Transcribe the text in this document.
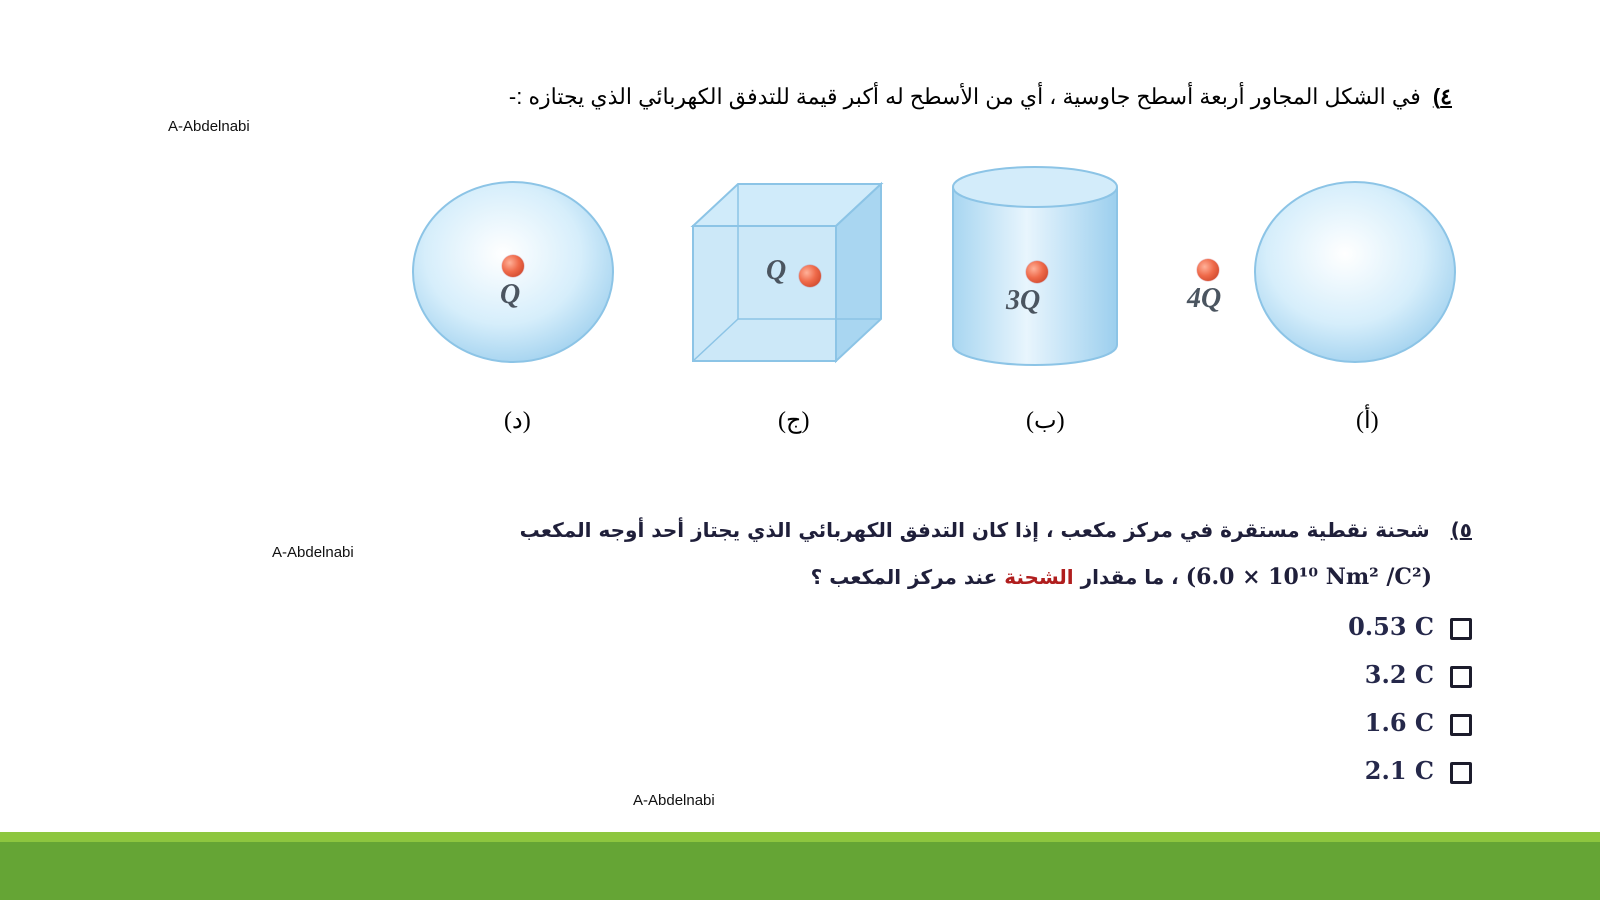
A-Abdelnabi
A-Abdelnabi
A-Abdelnabi
٤) في الشكل المجاور أربعة أسطح جاوسية ، أي من الأسطح له أكبر قيمة للتدفق الكهربائي الذي يجتازه :-
4Q
3Q
Q
Q
(أ)
(ب)
(ج)
(د)
٥) شحنة نقطية مستقرة في مركز مكعب ، إذا كان التدفق الكهربائي الذي يجتاز أحد أوجه المكعب
(6.0 × 10¹⁰ Nm² /C²) ، ما مقدار الشحنة عند مركز المكعب ؟
0.53 C
3.2 C
1.6 C
2.1 C
